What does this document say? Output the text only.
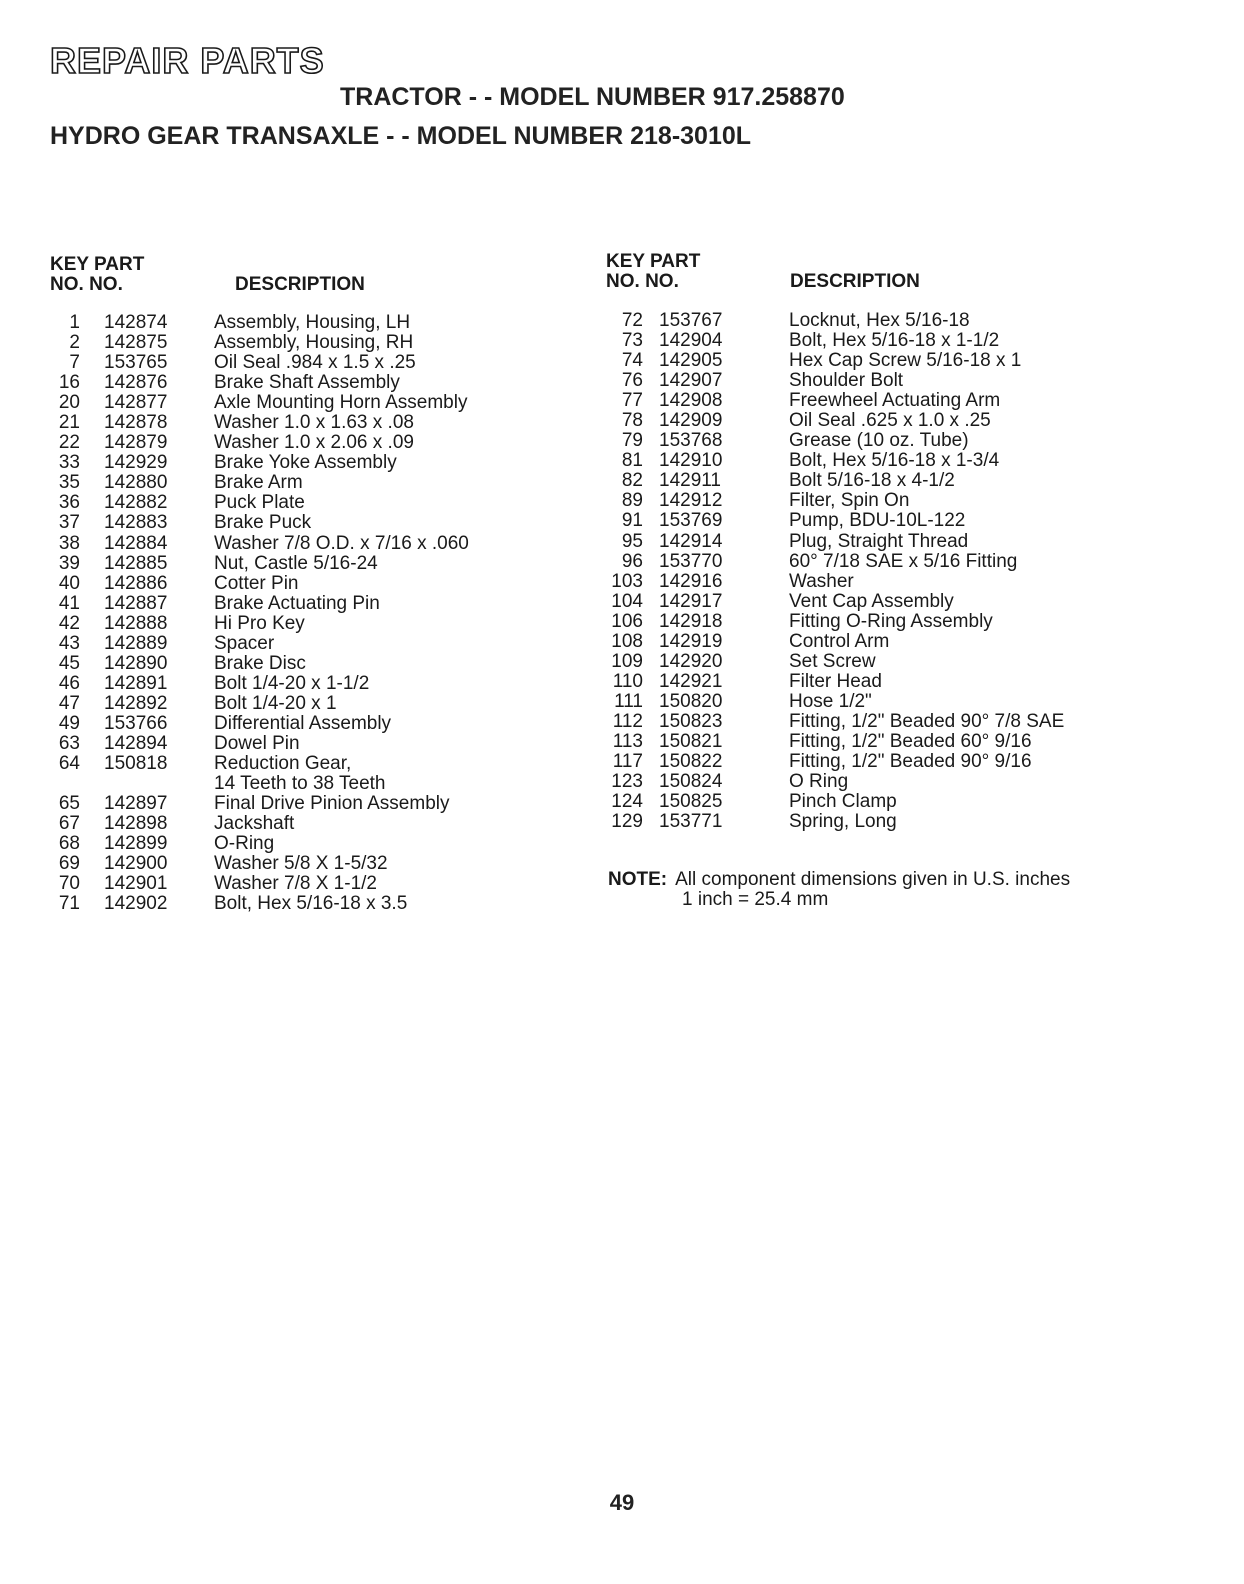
REPAIR PARTS
TRACTOR - - MODEL NUMBER 917.258870
HYDRO GEAR TRANSAXLE - - MODEL NUMBER 218-3010L
KEY PART
NO. NO.	DESCRIPTION
KEY PART
NO. NO.	DESCRIPTION
1	142874	Assembly, Housing, LH
2	142875	Assembly, Housing, RH
7	153765	Oil Seal .984 x 1.5 x .25
16	142876	Brake Shaft Assembly
20	142877	Axle Mounting Horn Assembly
21	142878	Washer 1.0 x 1.63 x .08
22	142879	Washer 1.0 x 2.06 x .09
33	142929	Brake Yoke Assembly
35	142880	Brake Arm
36	142882	Puck Plate
37	142883	Brake Puck
38	142884	Washer 7/8 O.D. x 7/16 x .060
39	142885	Nut, Castle 5/16-24
40	142886	Cotter Pin
41	142887	Brake Actuating Pin
42	142888	Hi Pro Key
43	142889	Spacer
45	142890	Brake Disc
46	142891	Bolt 1/4-20 x 1-1/2
47	142892	Bolt 1/4-20 x 1
49	153766	Differential Assembly
63	142894	Dowel Pin
64	150818	Reduction Gear,
14 Teeth to 38 Teeth
65	142897	Final Drive Pinion Assembly
67	142898	Jackshaft
68	142899	O-Ring
69	142900	Washer 5/8 X 1-5/32
70	142901	Washer 7/8 X 1-1/2
71	142902	Bolt, Hex 5/16-18 x 3.5
72 153767	Locknut, Hex 5/16-18
73 142904	Bolt, Hex 5/16-18 x 1-1/2
74 142905	Hex Cap Screw 5/16-18 x 1
76 142907	Shoulder Bolt
77 142908	Freewheel Actuating Arm
78 142909	Oil Seal .625 x 1.0 x .25
79 153768	Grease (10 oz. Tube)
81 142910	Bolt, Hex 5/16-18 x 1-3/4
82 142911	Bolt 5/16-18 x 4-1/2
89 142912	Filter, Spin On
91 153769	Pump, BDU-10L-122
95 142914	Plug, Straight Thread
96 153770	60° 7/18 SAE x 5/16 Fitting
103 142916	Washer
104 142917	Vent Cap Assembly
106 142918	Fitting O-Ring Assembly
108 142919	Control Arm
109 142920	Set Screw
110 142921	Filter Head
111 150820	Hose 1/2"
112 150823	Fitting, 1/2" Beaded 90° 7/8 SAE
113 150821	Fitting, 1/2" Beaded 60° 9/16
117 150822	Fitting, 1/2" Beaded 90° 9/16
123 150824	O Ring
124 150825	Pinch Clamp
129 153771	Spring, Long
NOTE: All component dimensions given in U.S. inches
1 inch = 25.4 mm
49
